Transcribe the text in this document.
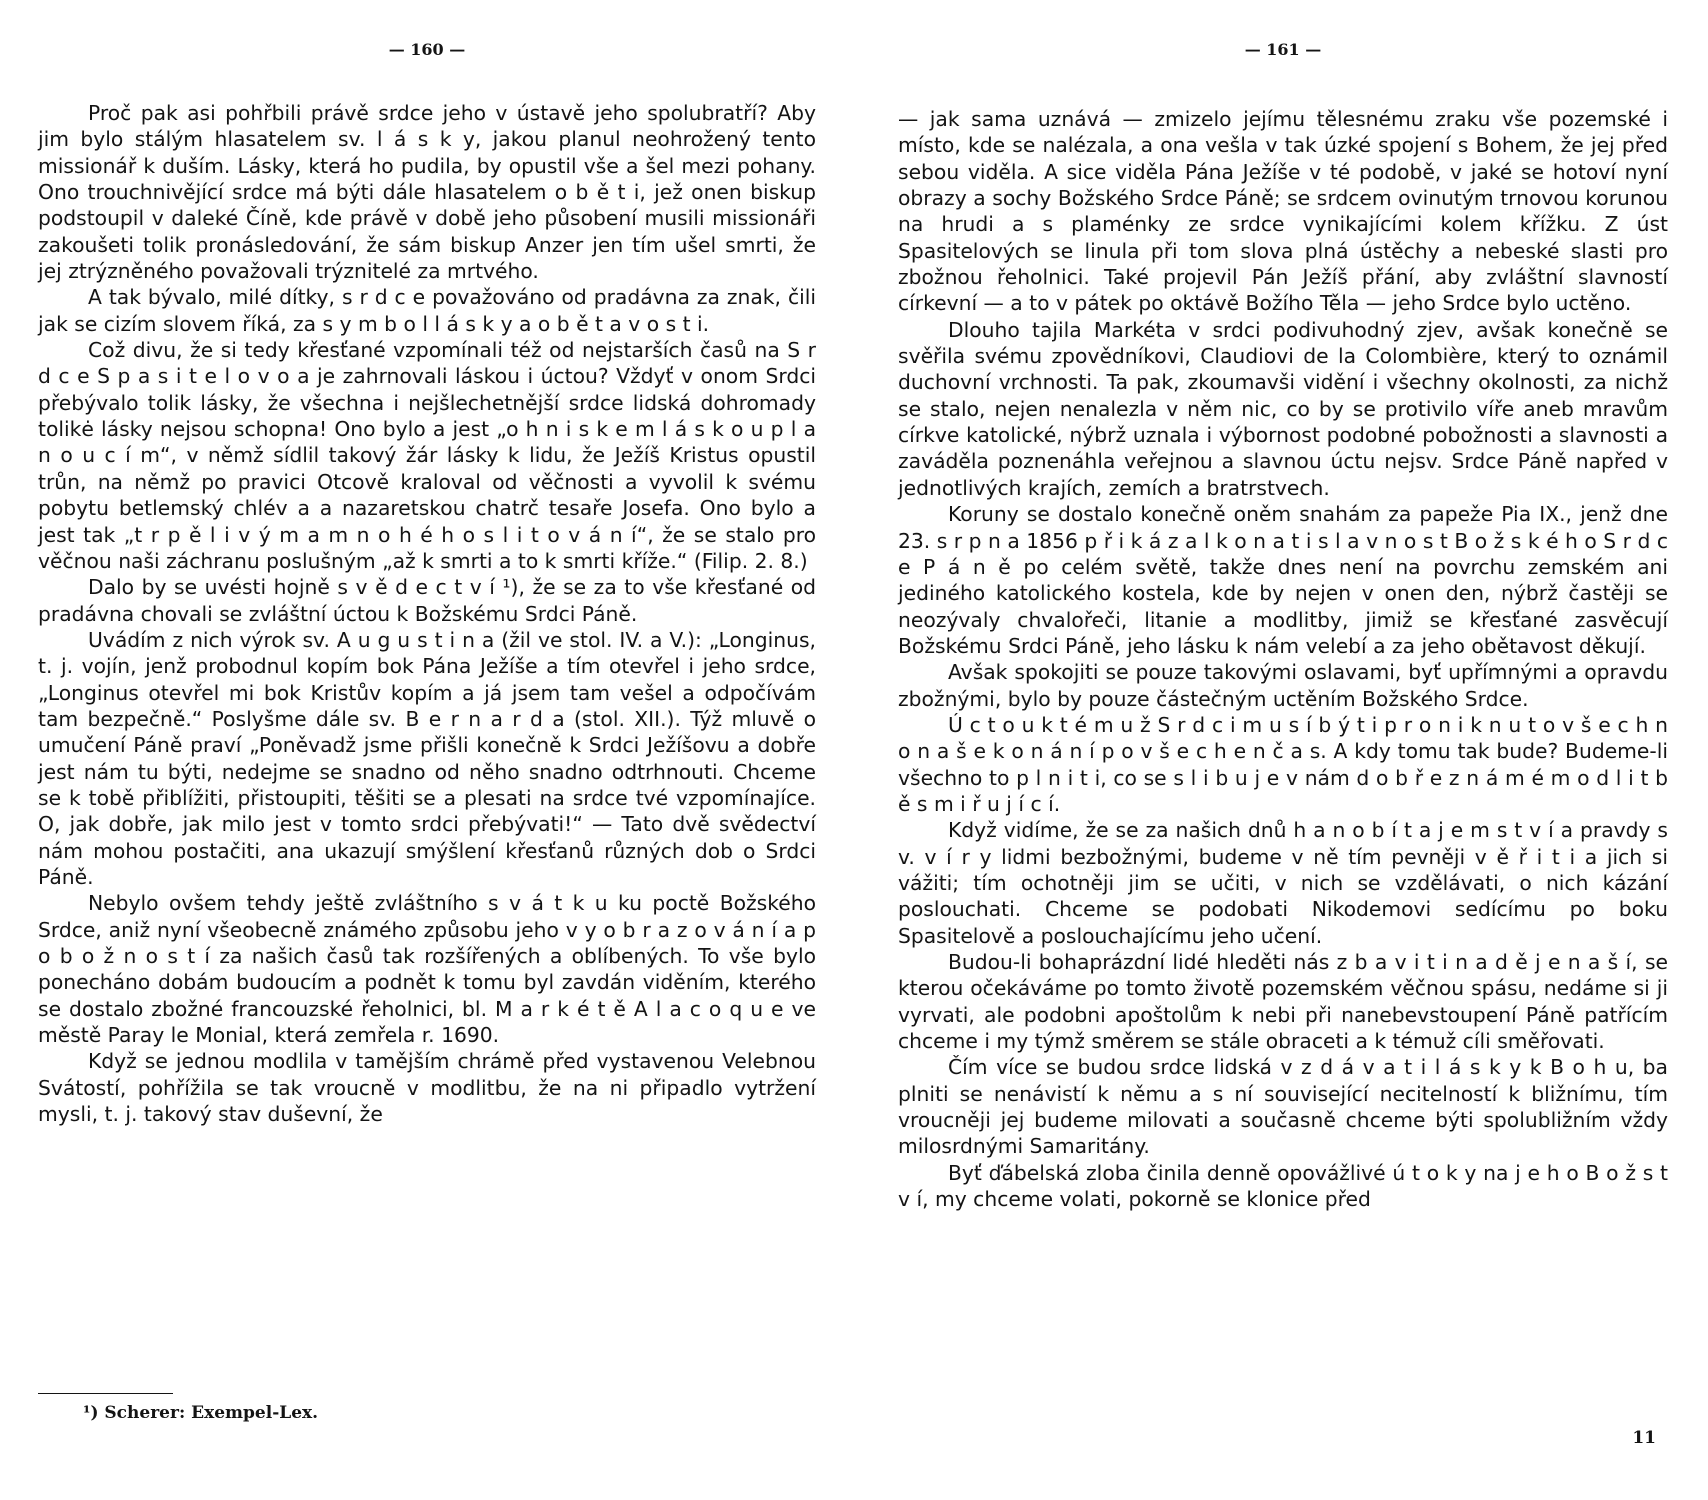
— 160 —

Proč pak asi pohřbili právě srdce jeho v ústavě jeho spolubratří? Aby jim bylo stálým hlasatelem sv. l á s k y, jakou planul neohrožený tento missionář k duším. Lásky, která ho pudila, by opustil vše a šel mezi pohany. Ono trouchnivějící srdce má býti dále hlasatelem o b ě t i, jež onen biskup podstoupil v daleké Číně, kde právě v době jeho působení musili missionáři zakoušeti tolik pronásledování, že sám biskup Anzer jen tím ušel smrti, že jej ztrýzněného považovali trýznitelé za mrtvého.

A tak bývalo, milé dítky, s r d c e považováno od pradávna za znak, čili jak se cizím slovem říká, za s y m b o l l á s k y a o b ě t a v o s t i.

Což divu, že si tedy křesťané vzpomínali též od nejstarších časů na S r d c e S p a s i t e l o v o a je zahrnovali láskou i úctou? Vždyť v onom Srdci přebývalo tolik lásky, že všechna i nejšlechetnější srdce lidská dohromady tolikė lásky nejsou schopna! Ono bylo a jest „o h n i s k e m l á s k o u p l a n o u c í m“, v němž sídlil takový žár lásky k lidu, že Ježíš Kristus opustil trůn, na němž po pravici Otcově kraloval od věčnosti a vyvolil k svému pobytu betlemský chlév a a nazaretskou chatrč tesaře Josefa. Ono bylo a jest tak „t r p ě l i v ý m a m n o h é h o s l i t o v á n í“, že se stalo pro věčnou naši záchranu poslušným „až k smrti a to k smrti kříže.“ (Filip. 2. 8.)

Dalo by se uvésti hojně s v ě d e c t v í ¹), že se za to vše křesťané od pradávna chovali se zvláštní úctou k Božskému Srdci Páně.

Uvádím z nich výrok sv. A u g u s t i n a (žil ve stol. IV. a V.): „Longinus, t. j. vojín, jenž probodnul kopím bok Pána Ježíše a tím otevřel i jeho srdce, „Longinus otevřel mi bok Kristův kopím a já jsem tam vešel a odpočívám tam bezpečně.“ Poslyšme dále sv. B e r n a r d a (stol. XII.). Týž mluvě o umučení Páně praví „Poněvadž jsme přišli konečně k Srdci Ježíšovu a dobře jest nám tu býti, nedejme se snadno od něho snadno odtrhnouti. Chceme se k tobě přiblížiti, přistoupiti, těšiti se a plesati na srdce tvé vzpomínajíce. O, jak dobře, jak milo jest v tomto srdci přebývati!“ — Tato dvě svědectví nám mohou postačiti, ana ukazují smýšlení křesťanů různých dob o Srdci Páně.

Nebylo ovšem tehdy ještě zvláštního s v á t k u ku poctě Božského Srdce, aniž nyní všeobecně známého způsobu jeho v y o b r a z o v á n í a p o b o ž n o s t í za našich časů tak rozšířených a oblíbených. To vše bylo ponecháno dobám budoucím a podnět k tomu byl zavdán viděním, kterého se dostalo zbožné francouzské řeholnici, bl. M a r k é t ě A l a c o q u e ve městě Paray le Monial, která zemřela r. 1690.

Když se jednou modlila v tamějším chrámě před vystavenou Velebnou Svátostí, pohřížila se tak vroucně v modlitbu, že na ni připadlo vytržení mysli, t. j. takový stav duševní, že

¹) Scherer: Exempel-Lex.
— 161 —

— jak sama uznává — zmizelo jejímu tělesnému zraku vše pozemské i místo, kde se nalézala, a ona vešla v tak úzké spojení s Bohem, že jej před sebou viděla. A sice viděla Pána Ježíše v té podobě, v jaké se hotoví nyní obrazy a sochy Božského Srdce Páně; se srdcem ovinutým trnovou korunou na hrudi a s plaménky ze srdce vynikajícími kolem křížku. Z úst Spasitelových se linula při tom slova plná ústěchy a nebeské slasti pro zbožnou řeholnici. Také projevil Pán Ježíš přání, aby zvláštní slavností církevní — a to v pátek po oktávě Božího Těla — jeho Srdce bylo uctěno.

Dlouho tajila Markéta v srdci podivuhodný zjev, avšak konečně se svěřila svému zpovědníkovi, Claudiovi de la Colombière, který to oznámil duchovní vrchnosti. Ta pak, zkoumavši vidění i všechny okolnosti, za nichž se stalo, nejen nenalezla v něm nic, co by se protivilo víře aneb mravům církve katolické, nýbrž uznala i výbornost podobné pobožnosti a slavnosti a zaváděla poznenáhla veřejnou a slavnou úctu nejsv. Srdce Páně napřed v jednotlivých krajích, zemích a bratrstvech.

Koruny se dostalo konečně oněm snahám za papeže Pia IX., jenž dne 23. s r p n a 1856 p ř i k á z a l k o n a t i s l a v n o s t B o ž s k é h o S r d c e P á n ě po celém světě, takže dnes není na povrchu zemském ani jediného katolického kostela, kde by nejen v onen den, nýbrž častěji se neozývaly chvalořeči, litanie a modlitby, jimiž se křesťané zasvěcují Božskému Srdci Páně, jeho lásku k nám velebí a za jeho obětavost děkují.

Avšak spokojiti se pouze takovými oslavami, byť upřímnými a opravdu zbožnými, bylo by pouze částečným uctěním Božského Srdce.

Ú c t o u k t é m u ž S r d c i m u s í b ý t i p r o n i k n u t o v š e c h n o n a š e k o n á n í p o v š e c h e n č a s. A kdy tomu tak bude? Budeme-li všechno to p l n i t i, co se s l i b u j e v nám d o b ř e z n á m é m o d l i t b ě s m i ř u j í c í.

Když vidíme, že se za našich dnů h a n o b í t a j e m s t v í a pravdy s v. v í r y lidmi bezbožnými, budeme v ně tím pevněji v ě ř i t i a jich si vážiti; tím ochotněji jim se učiti, v nich se vzdělávati, o nich kázání poslouchati. Chceme se podobati Nikodemovi sedícímu po boku Spasitelově a poslouchajícímu jeho učení.

Budou-li bohaprázdní lidé hleděti nás z b a v i t i n a d ě j e n a š í, se kterou očekáváme po tomto životě pozemském věčnou spásu, nedáme si ji vyrvati, ale podobni apoštolům k nebi při nanebevstoupení Páně patřícím chceme i my týmž směrem se stále obraceti a k témuž cíli směřovati.

Čím více se budou srdce lidská v z d á v a t i l á s k y k B o h u, ba plniti se nenávistí k němu a s ní související necitelností k bližnímu, tím vroucněji jej budeme milovati a současně chceme býti spolubližním vždy milosrdnými Samaritány.

Byť ďábelská zloba činila denně opovážlivé ú t o k y na j e h o B o ž s t v í, my chceme volati, pokorně se klonice před

11
